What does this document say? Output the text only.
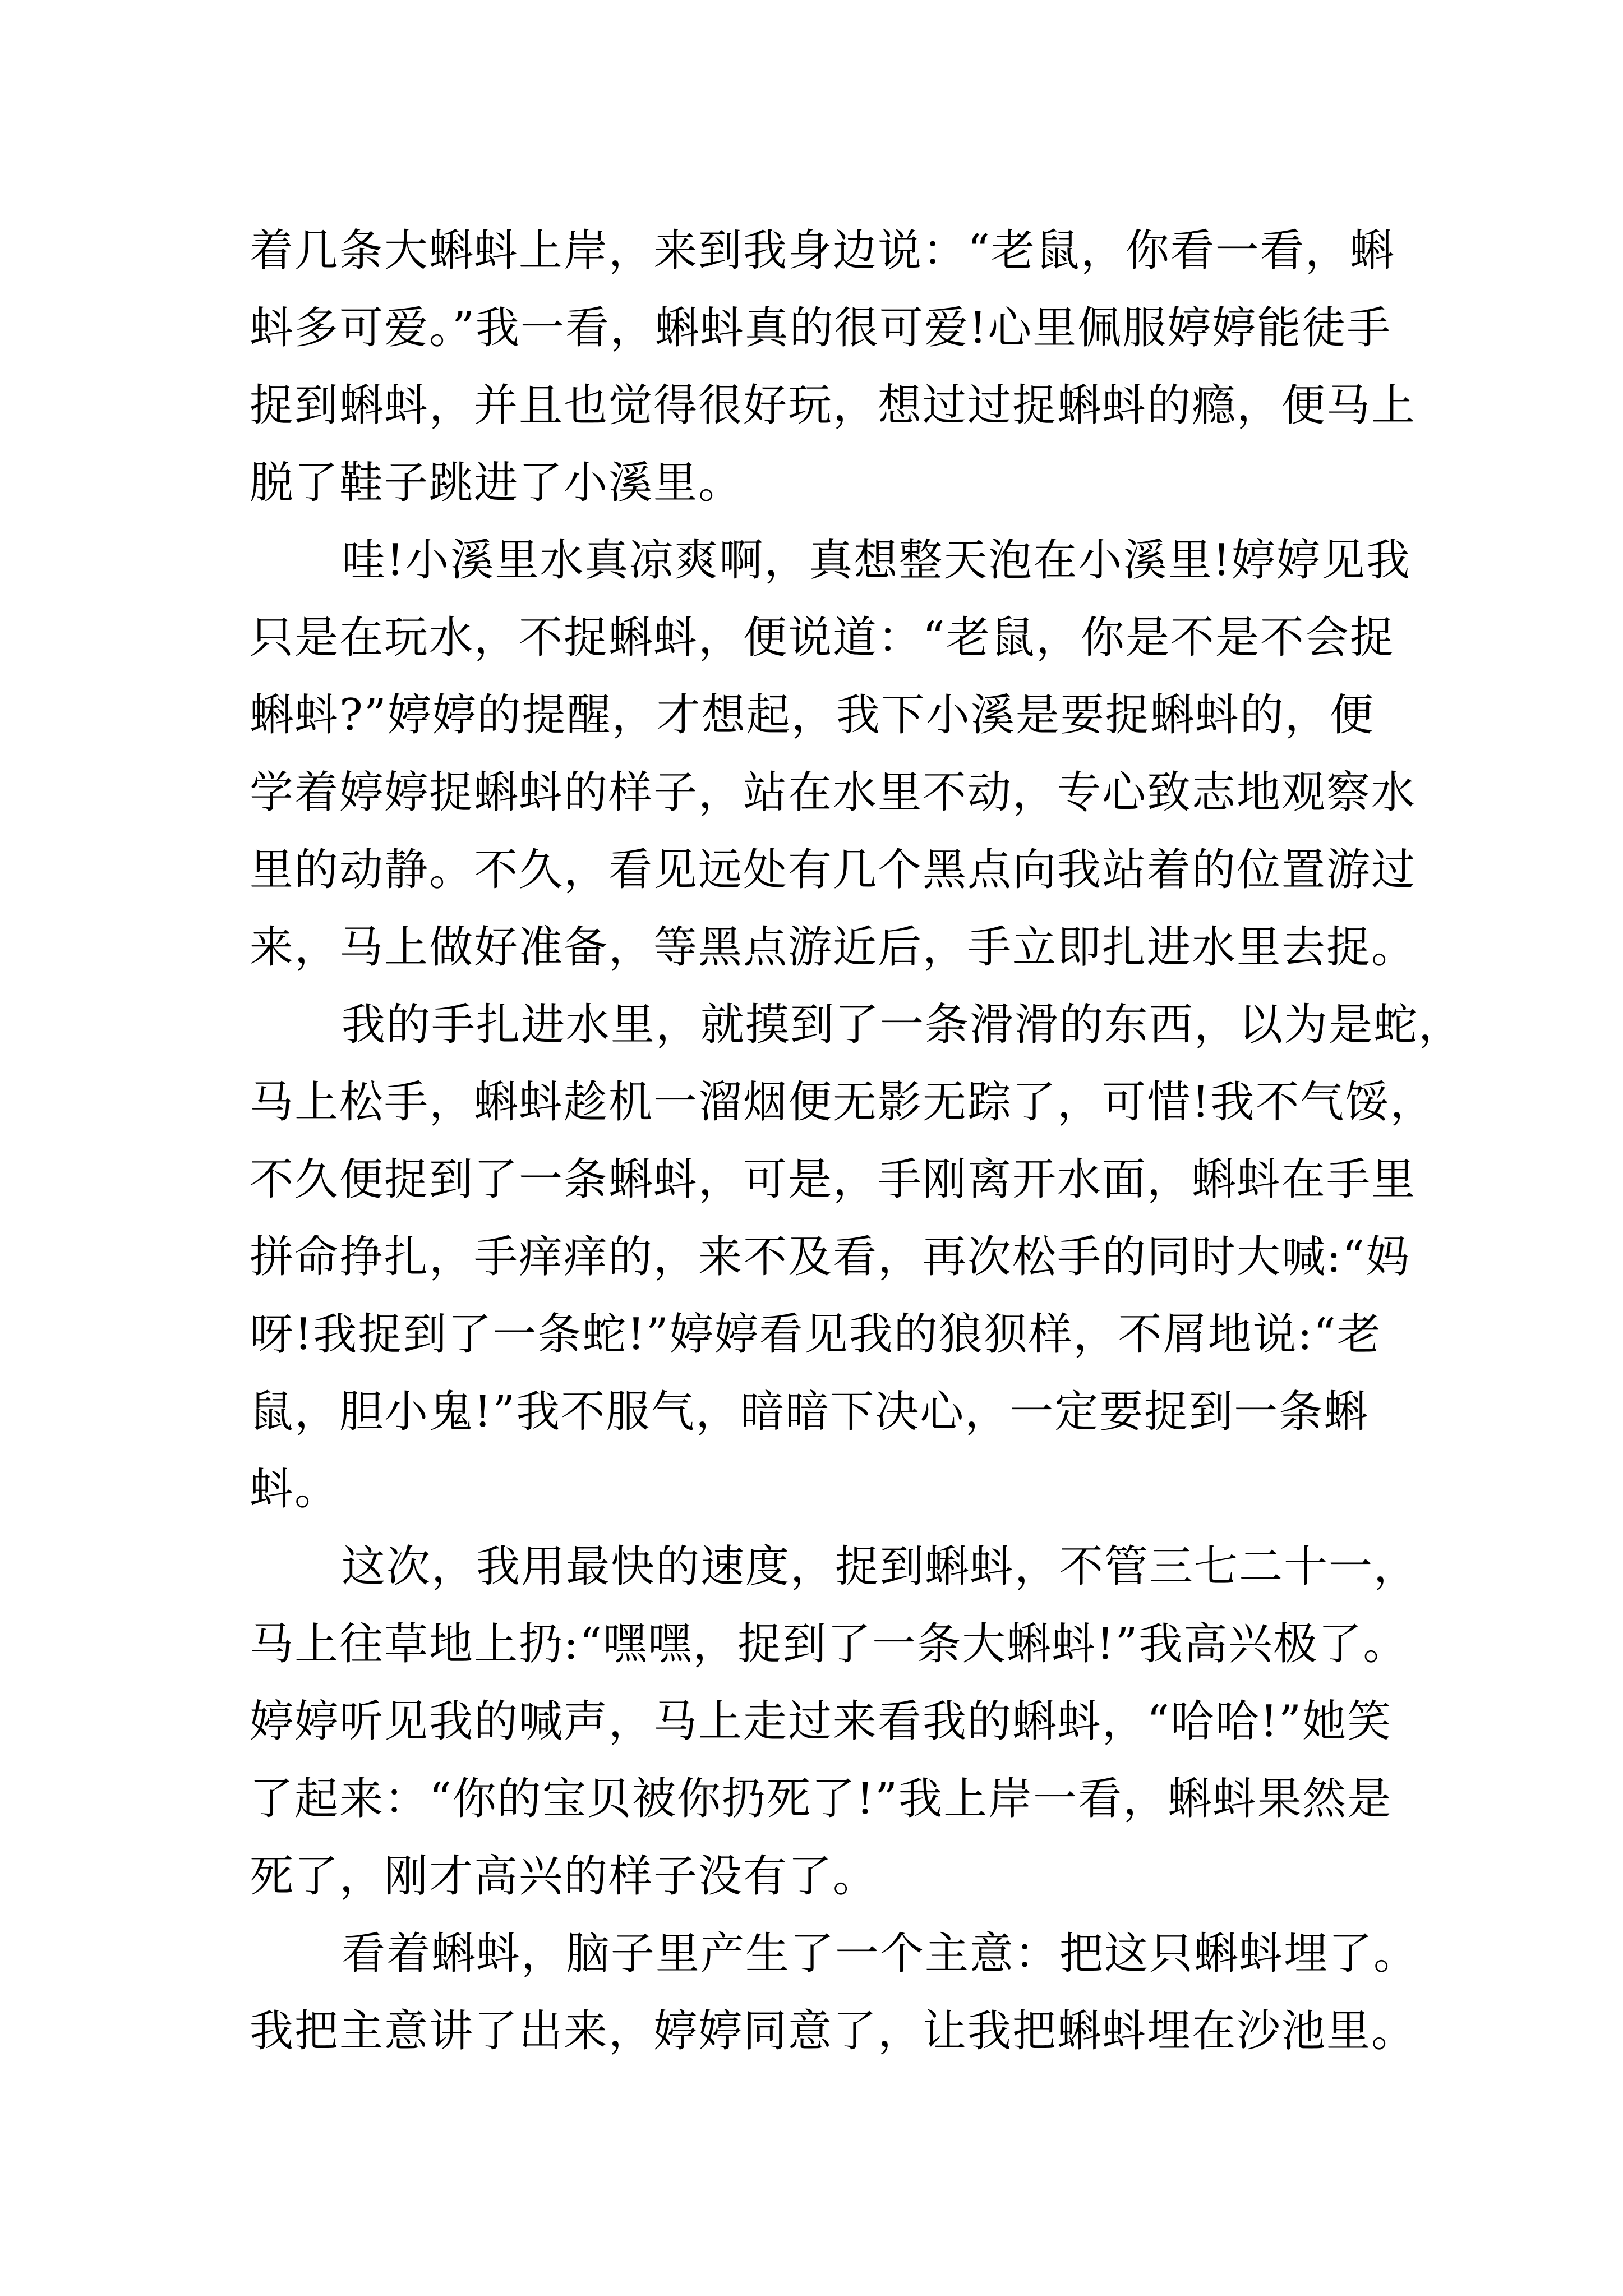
着几条大蝌蚪上岸，来到我身边说：“老鼠，你看一看，蝌
蚪多可爱。”我一看，蝌蚪真的很可爱!心里佩服婷婷能徒手
捉到蝌蚪，并且也觉得很好玩，想过过捉蝌蚪的瘾，便马上
脱了鞋子跳进了小溪里。
哇!小溪里水真凉爽啊，真想整天泡在小溪里!婷婷见我
只是在玩水，不捉蝌蚪，便说道：“老鼠，你是不是不会捉
蝌蚪?”婷婷的提醒，才想起，我下小溪是要捉蝌蚪的，便
学着婷婷捉蝌蚪的样子，站在水里不动，专心致志地观察水
里的动静。不久，看见远处有几个黑点向我站着的位置游过
来，马上做好准备，等黑点游近后，手立即扎进水里去捉。
我的手扎进水里，就摸到了一条滑滑的东西，以为是蛇，
马上松手，蝌蚪趁机一溜烟便无影无踪了，可惜!我不气馁，
不久便捉到了一条蝌蚪，可是，手刚离开水面，蝌蚪在手里
拼命挣扎，手痒痒的，来不及看，再次松手的同时大喊:“妈
呀!我捉到了一条蛇!”婷婷看见我的狼狈样，不屑地说:“老
鼠，胆小鬼!”我不服气，暗暗下决心，一定要捉到一条蝌
蚪。
这次，我用最快的速度，捉到蝌蚪，不管三七二十一，
马上往草地上扔:“嘿嘿，捉到了一条大蝌蚪!”我高兴极了。
婷婷听见我的喊声，马上走过来看我的蝌蚪，“哈哈!”她笑
了起来：“你的宝贝被你扔死了!”我上岸一看，蝌蚪果然是
死了，刚才高兴的样子没有了。
看着蝌蚪，脑子里产生了一个主意：把这只蝌蚪埋了。
我把主意讲了出来，婷婷同意了，让我把蝌蚪埋在沙池里。
